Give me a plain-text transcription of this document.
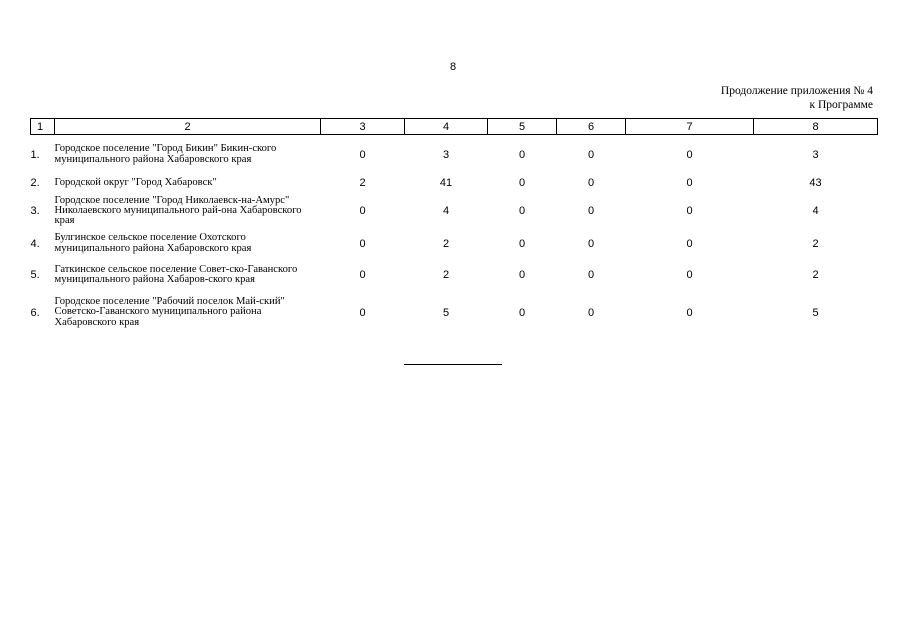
8
Продолжение приложения № 4
к Программе
1	2	3	4	5	6	7	8
1.	Городское поселение "Город Бикин" Бикин-ского муниципального района Хабаровского края	0	3	0	0	0	3
2.	Городской округ "Город Хабаровск"	2	41	0	0	0	43
3.	Городское поселение "Город Николаевск-на-Амурс" Николаевского муниципального рай-она Хабаровского края	0	4	0	0	0	4
4.	Булгинское сельское поселение Охотского муниципального района Хабаровского края	0	2	0	0	0	2
5.	Гаткинское сельское поселение Совет-ско-Гаванского муниципального района Хабаров-ского края	0	2	0	0	0	2
6.	Городское поселение "Рабочий поселок Май-ский" Советско-Гаванского муниципального района Хабаровского края	0	5	0	0	0	5
